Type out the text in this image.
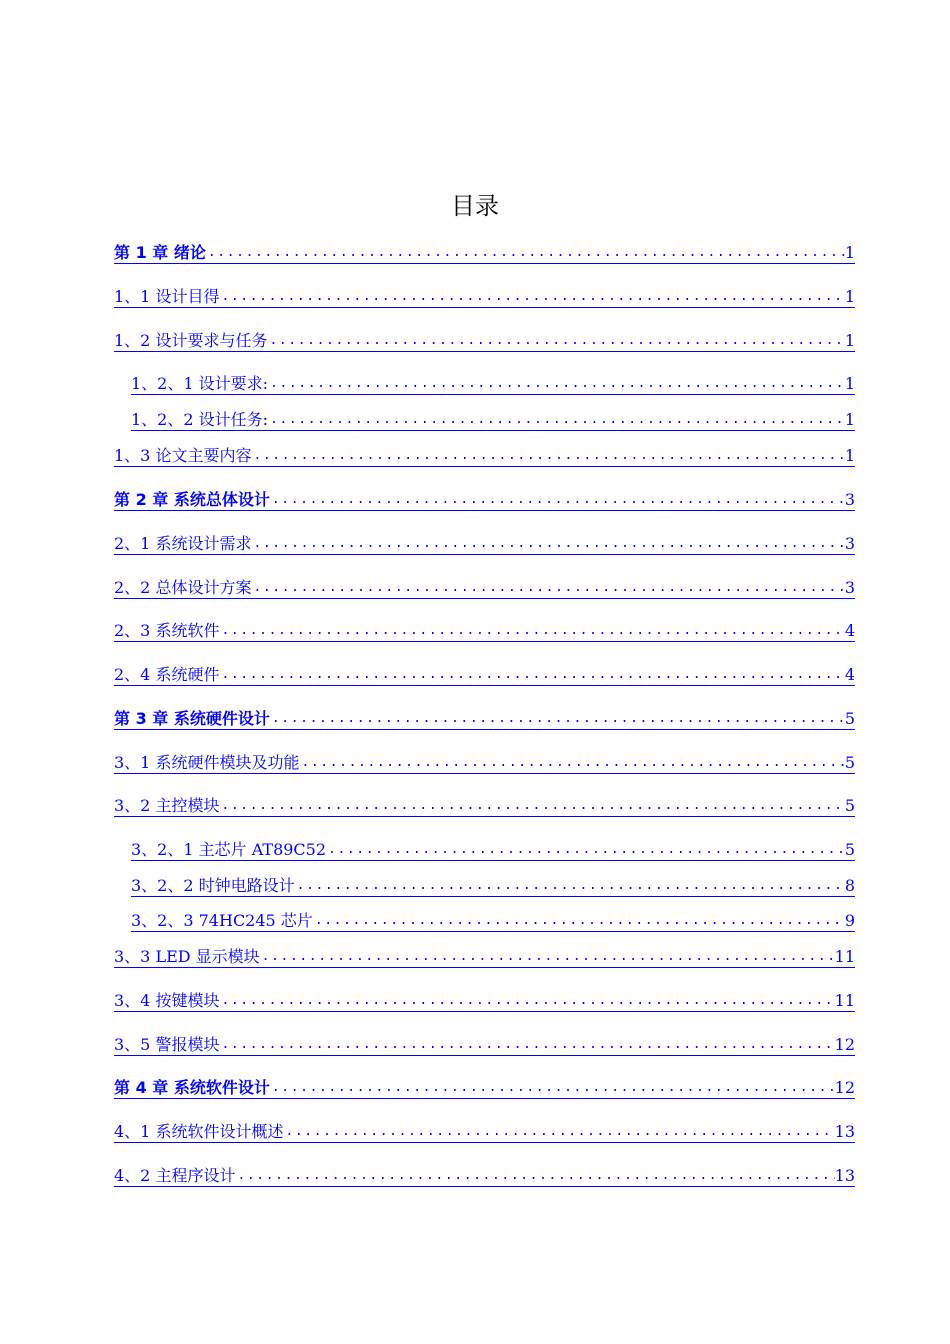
目录
第 1 章 绪论 .....	1
1、1 设计目得 .....	1
1、2 设计要求与任务 .....	1
1、2、1 设计要求: .....	1
1、2、2 设计任务: .....	1
1、3 论文主要内容 .....	1
第 2 章 系统总体设计 .....	3
2、1 系统设计需求 .....	3
2、2 总体设计方案 .....	3
2、3 系统软件 .....	4
2、4 系统硬件 .....	4
第 3 章 系统硬件设计 .....	5
3、1 系统硬件模块及功能 .....	5
3、2 主控模块 .....	5
3、2、1 主芯片 AT89C52 .....	5
3、2、2 时钟电路设计 .....	8
3、2、3 74HC245 芯片 .....	9
3、3 LED 显示模块 .....	11
3、4 按键模块 .....	11
3、5 警报模块 .....	12
第 4 章 系统软件设计 .....	12
4、1 系统软件设计概述 .....	13
4、2 主程序设计 .....	13
